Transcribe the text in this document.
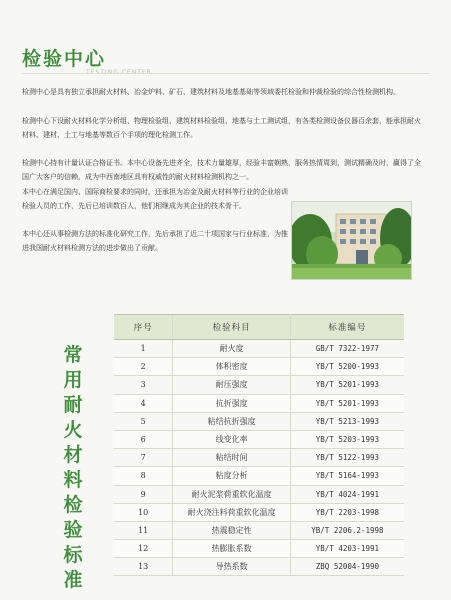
检验中心
TESTING CENTER

检测中心是具有独立承担耐火材料、冶金炉料、矿石、建筑材料及地基基础等领域委托检验和仲裁检验的综合性检测机构。

检测中心下设耐火材料化学分析组、物理检验组、建筑材料检验组、地基与土工测试组，有各类检测设备仪器百余套，能承担耐火材料、建材、土工与地基等数百个手项的理化检测工作。

检测中心持有计量认证合格证书。本中心设备先进齐全，技术力量雄厚，经验丰富娴熟，服务热情周到，测试精确及时，赢得了全国广大客户的信赖，成为中西南地区具有权威性的耐火材料检测机构之一。

本中心在满足国内、国际商检要求的同时，还承担为冶金及耐火材料等行业的企业培训检验人员的工作，先后已培训数百人，他们相继成为其企业的技术骨干。

本中心还从事检测方法的标准化研究工作，先后承担了近二十项国家与行业标准，为推进我国耐火材料检测方法的进步做出了贡献。

常
用
耐
火
材
料
检
验
标
准
序号	检验科目	标准编号
1	耐火度	GB/T 7322-1977
2	体积密度	YB/T 5200-1993
3	耐压强度	YB/T 5201-1993
4	抗折强度	YB/T 5201-1993
5	粘结抗折强度	YB/T 5213-1993
6	线变化率	YB/T 5203-1993
7	粘结时间	YB/T 5122-1993
8	粘度分析	YB/T 5164-1993
9	耐火泥浆荷重软化温度	YB/T 4024-1991
10	耐火浇注料荷重软化温度	YB/T 2203-1998
11	热震稳定性	YB/T 2206.2-1998
12	热膨胀系数	YB/T 4203-1991
13	导热系数	ZBQ 52004-1990
